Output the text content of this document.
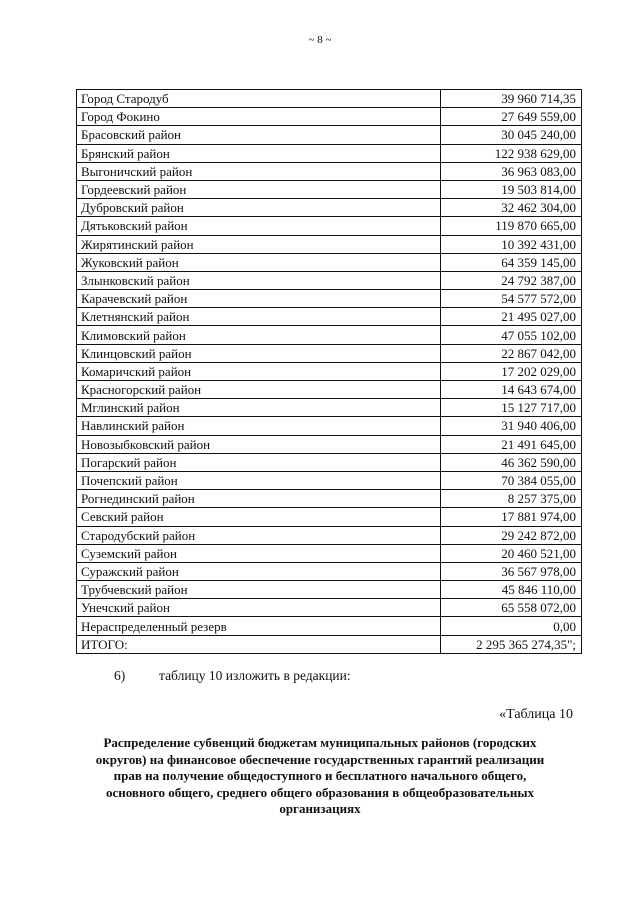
~ 8 ~
Город Стародуб	39 960 714,35
Город Фокино	27 649 559,00
Брасовский район	30 045 240,00
Брянский район	122 938 629,00
Выгоничский район	36 963 083,00
Гордеевский район	19 503 814,00
Дубровский район	32 462 304,00
Дятьковский район	119 870 665,00
Жирятинский район	10 392 431,00
Жуковский район	64 359 145,00
Злынковский район	24 792 387,00
Карачевский район	54 577 572,00
Клетнянский район	21 495 027,00
Климовский район	47 055 102,00
Клинцовский район	22 867 042,00
Комаричский район	17 202 029,00
Красногорский район	14 643 674,00
Мглинский район	15 127 717,00
Навлинский район	31 940 406,00
Новозыбковский район	21 491 645,00
Погарский район	46 362 590,00
Почепский район	70 384 055,00
Рогнединский район	8 257 375,00
Севский район	17 881 974,00
Стародубский район	29 242 872,00
Суземский район	20 460 521,00
Суражский район	36 567 978,00
Трубчевский район	45 846 110,00
Унечский район	65 558 072,00
Нераспределенный резерв	0,00
ИТОГО:	2 295 365 274,35";
6)	таблицу 10 изложить в редакции:
«Таблица 10
Распределение субвенций бюджетам муниципальных районов (городских округов) на финансовое обеспечение государственных гарантий реализации прав на получение общедоступного и бесплатного начального общего, основного общего, среднего общего образования в общеобразовательных организациях
